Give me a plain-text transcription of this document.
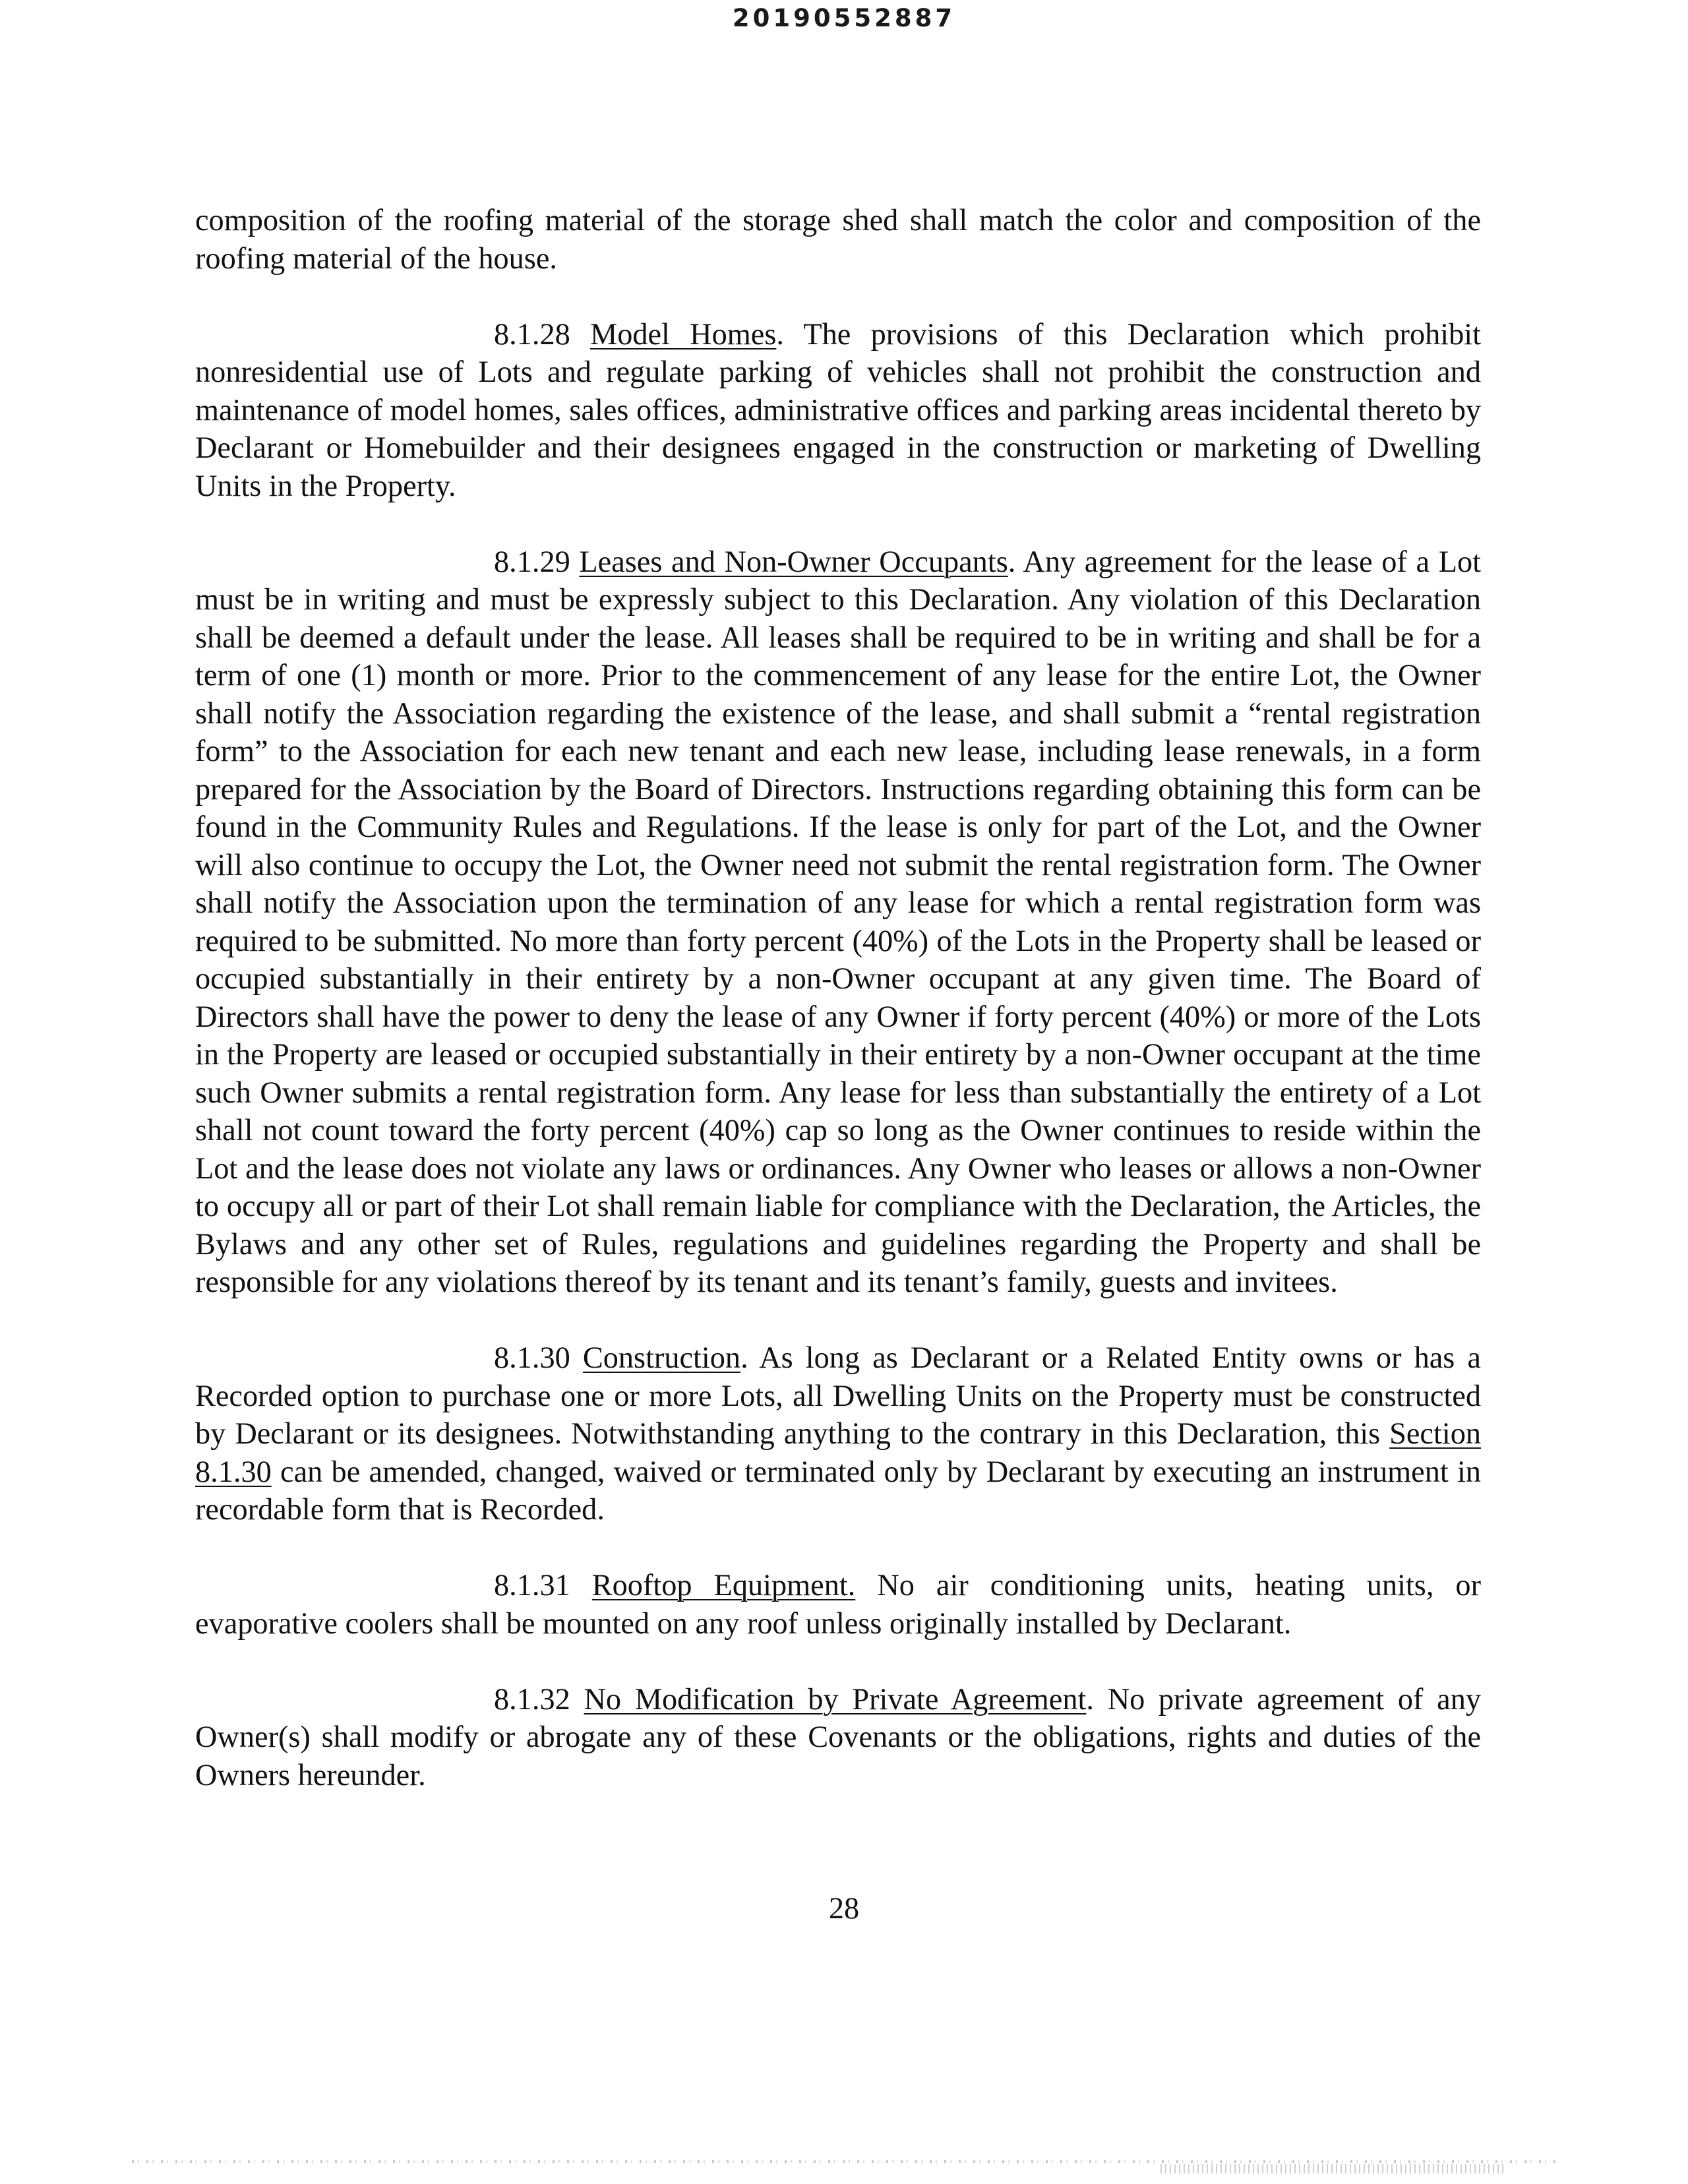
20190552887

composition of the roofing material of the storage shed shall match the color and composition of the roofing material of the house.

8.1.28 Model Homes. The provisions of this Declaration which prohibit nonresidential use of Lots and regulate parking of vehicles shall not prohibit the construction and maintenance of model homes, sales offices, administrative offices and parking areas incidental thereto by Declarant or Homebuilder and their designees engaged in the construction or marketing of Dwelling Units in the Property.

8.1.29 Leases and Non-Owner Occupants. Any agreement for the lease of a Lot must be in writing and must be expressly subject to this Declaration. Any violation of this Declaration shall be deemed a default under the lease. All leases shall be required to be in writing and shall be for a term of one (1) month or more. Prior to the commencement of any lease for the entire Lot, the Owner shall notify the Association regarding the existence of the lease, and shall submit a “rental registration form” to the Association for each new tenant and each new lease, including lease renewals, in a form prepared for the Association by the Board of Directors. Instructions regarding obtaining this form can be found in the Community Rules and Regulations. If the lease is only for part of the Lot, and the Owner will also continue to occupy the Lot, the Owner need not submit the rental registration form. The Owner shall notify the Association upon the termination of any lease for which a rental registration form was required to be submitted. No more than forty percent (40%) of the Lots in the Property shall be leased or occupied substantially in their entirety by a non-Owner occupant at any given time. The Board of Directors shall have the power to deny the lease of any Owner if forty percent (40%) or more of the Lots in the Property are leased or occupied substantially in their entirety by a non-Owner occupant at the time such Owner submits a rental registration form. Any lease for less than substantially the entirety of a Lot shall not count toward the forty percent (40%) cap so long as the Owner continues to reside within the Lot and the lease does not violate any laws or ordinances. Any Owner who leases or allows a non-Owner to occupy all or part of their Lot shall remain liable for compliance with the Declaration, the Articles, the Bylaws and any other set of Rules, regulations and guidelines regarding the Property and shall be responsible for any violations thereof by its tenant and its tenant’s family, guests and invitees.

8.1.30 Construction. As long as Declarant or a Related Entity owns or has a Recorded option to purchase one or more Lots, all Dwelling Units on the Property must be constructed by Declarant or its designees. Notwithstanding anything to the contrary in this Declaration, this Section 8.1.30 can be amended, changed, waived or terminated only by Declarant by executing an instrument in recordable form that is Recorded.

8.1.31 Rooftop Equipment. No air conditioning units, heating units, or evaporative coolers shall be mounted on any roof unless originally installed by Declarant.

8.1.32 No Modification by Private Agreement. No private agreement of any Owner(s) shall modify or abrogate any of these Covenants or the obligations, rights and duties of the Owners hereunder.

28
